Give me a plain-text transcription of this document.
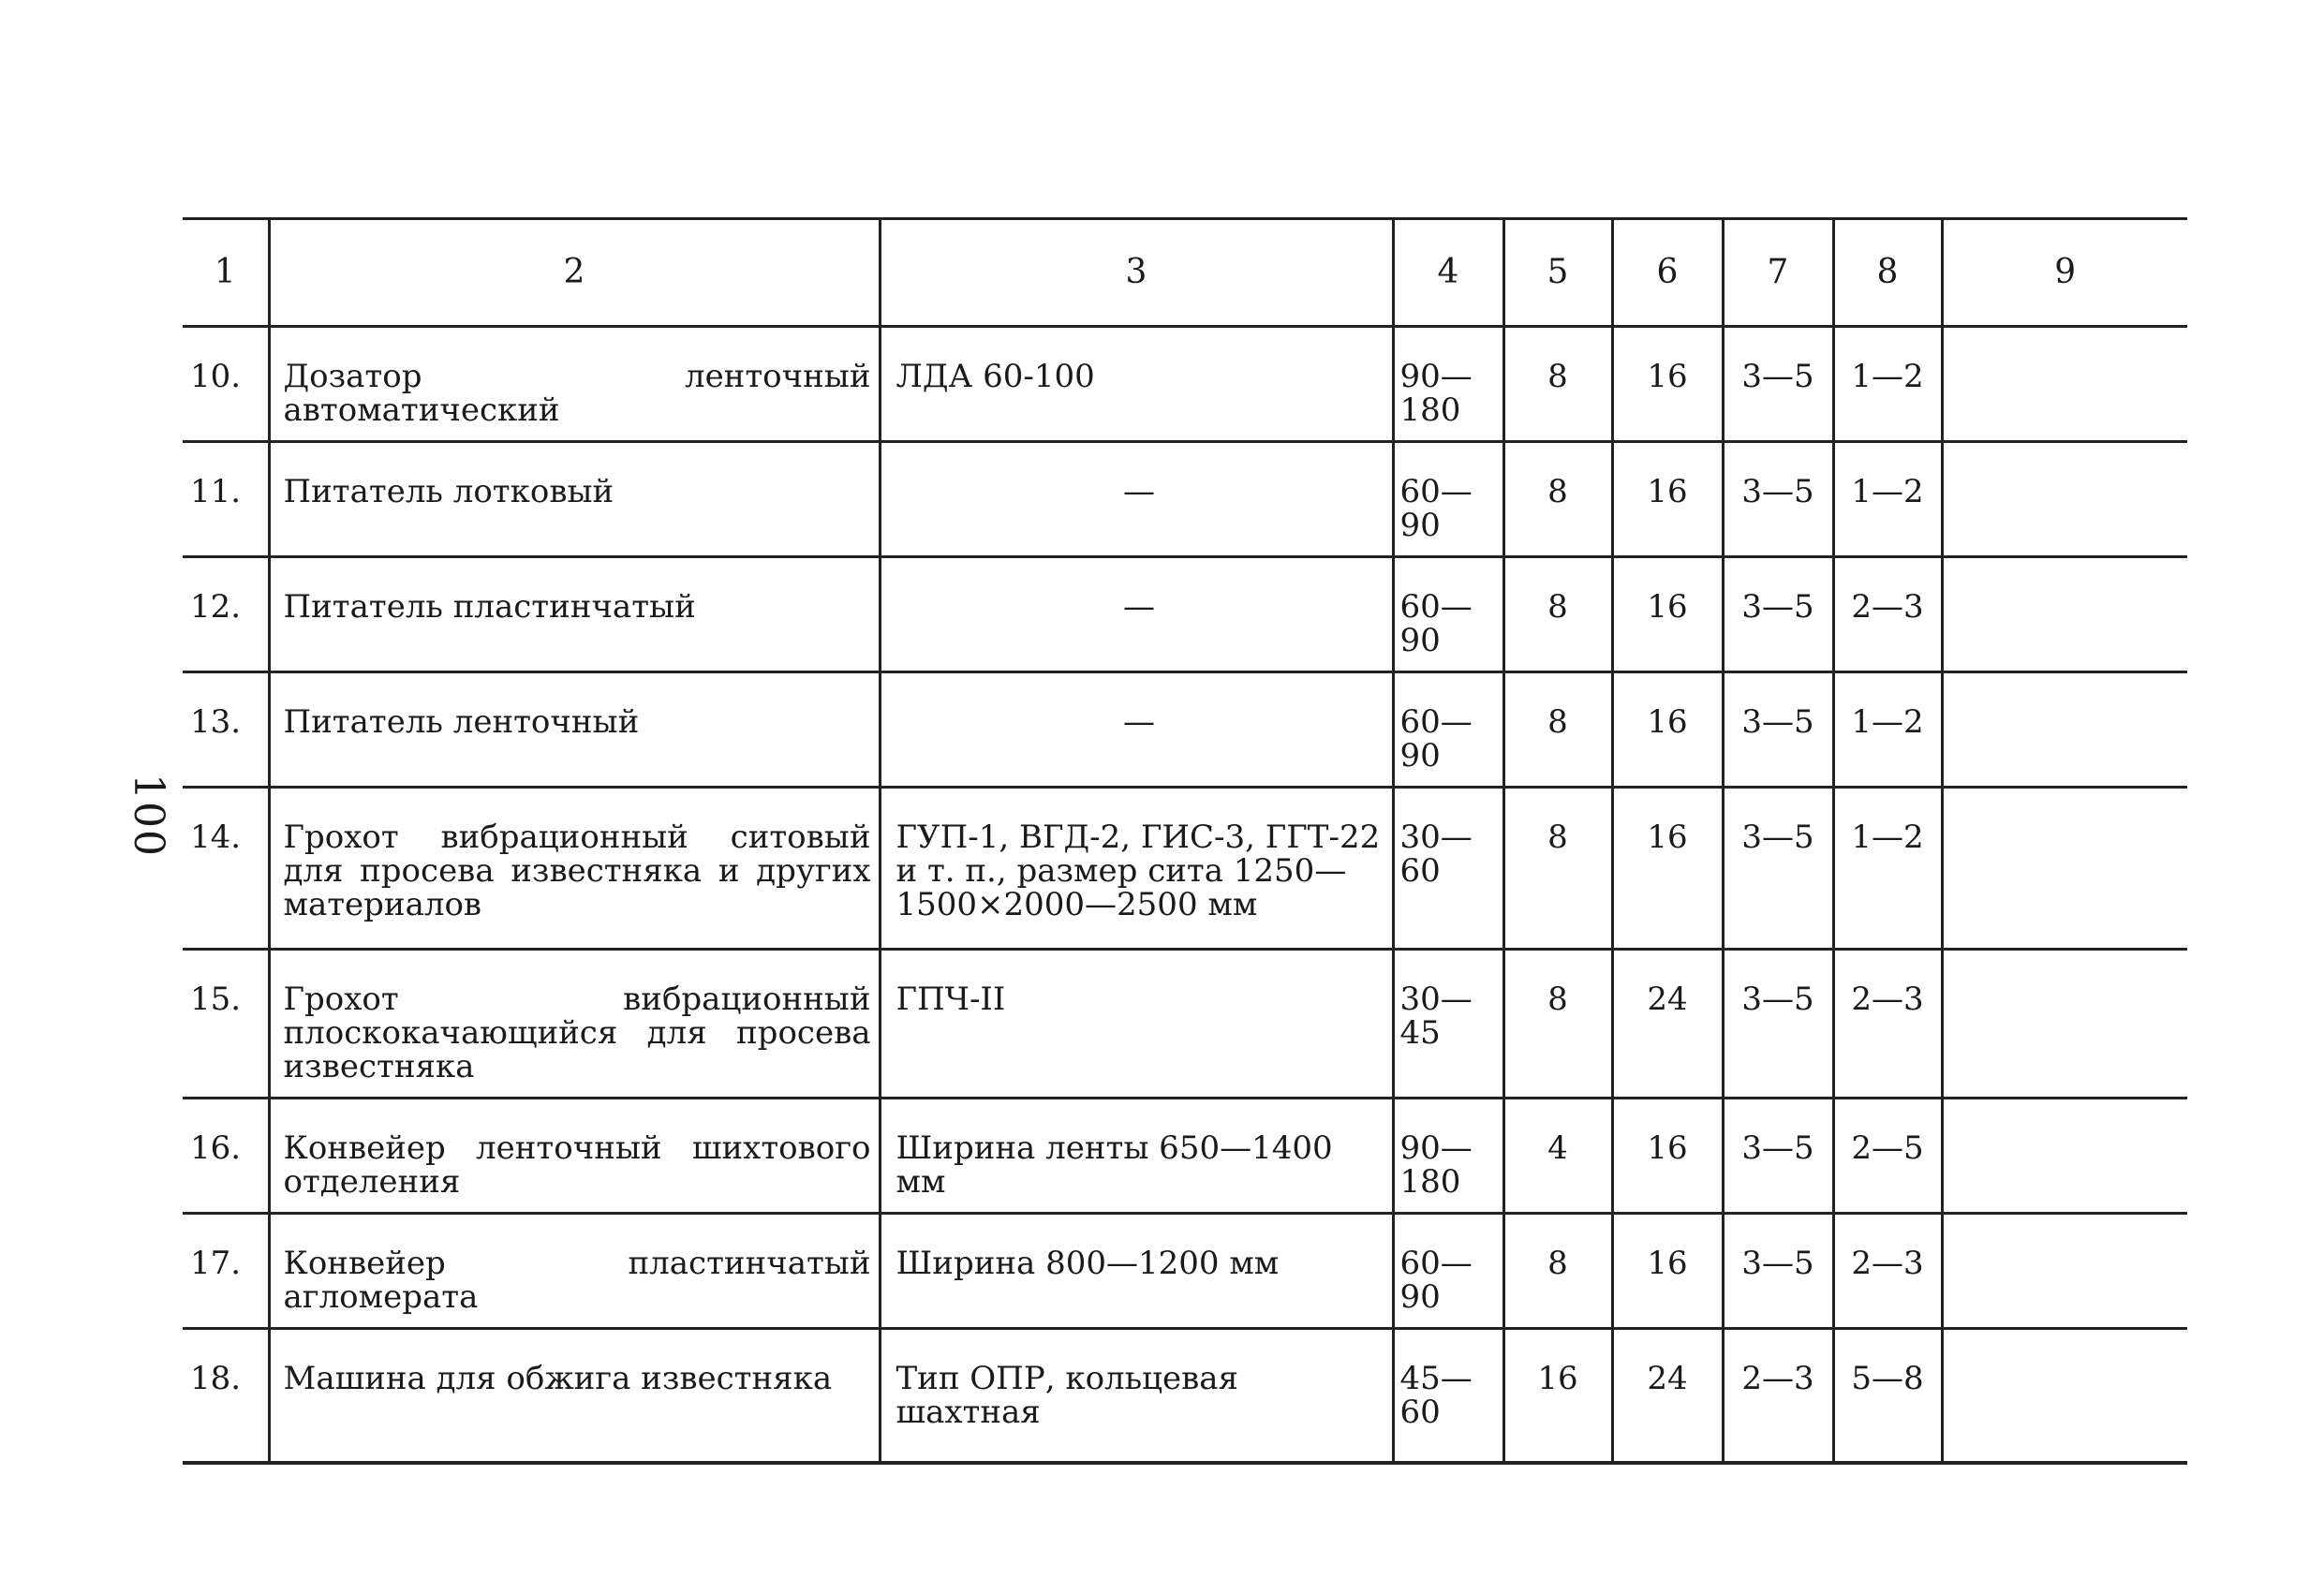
100
1	2	3	4	5	6	7	8	9
10.	Дозатор ленточный автоматический	ЛДА 60-100	90—180	8	16	3—5	1—2	
11.	Питатель лотковый	—	60—90	8	16	3—5	1—2	
12.	Питатель пластинчатый	—	60—90	8	16	3—5	2—3	
13.	Питатель ленточный	—	60—90	8	16	3—5	1—2	
14.	Грохот вибрационный ситовый для просева известняка и других материалов	ГУП-1, ВГД-2, ГИС-3, ГГТ-22 и т. п., размер сита 1250—1500×2000—2500 мм	30—60	8	16	3—5	1—2	
15.	Грохот вибрационный плоскокачающийся для просева известняка	ГПЧ-II	30—45	8	24	3—5	2—3	
16.	Конвейер ленточный шихтового отделения	Ширина ленты 650—1400 мм	90—180	4	16	3—5	2—5	
17.	Конвейер пластинчатый агломерата	Ширина 800—1200 мм	60—90	8	16	3—5	2—3	
18.	Машина для обжига известняка	Тип ОПР, кольцевая шахтная	45—60	16	24	2—3	5—8	
